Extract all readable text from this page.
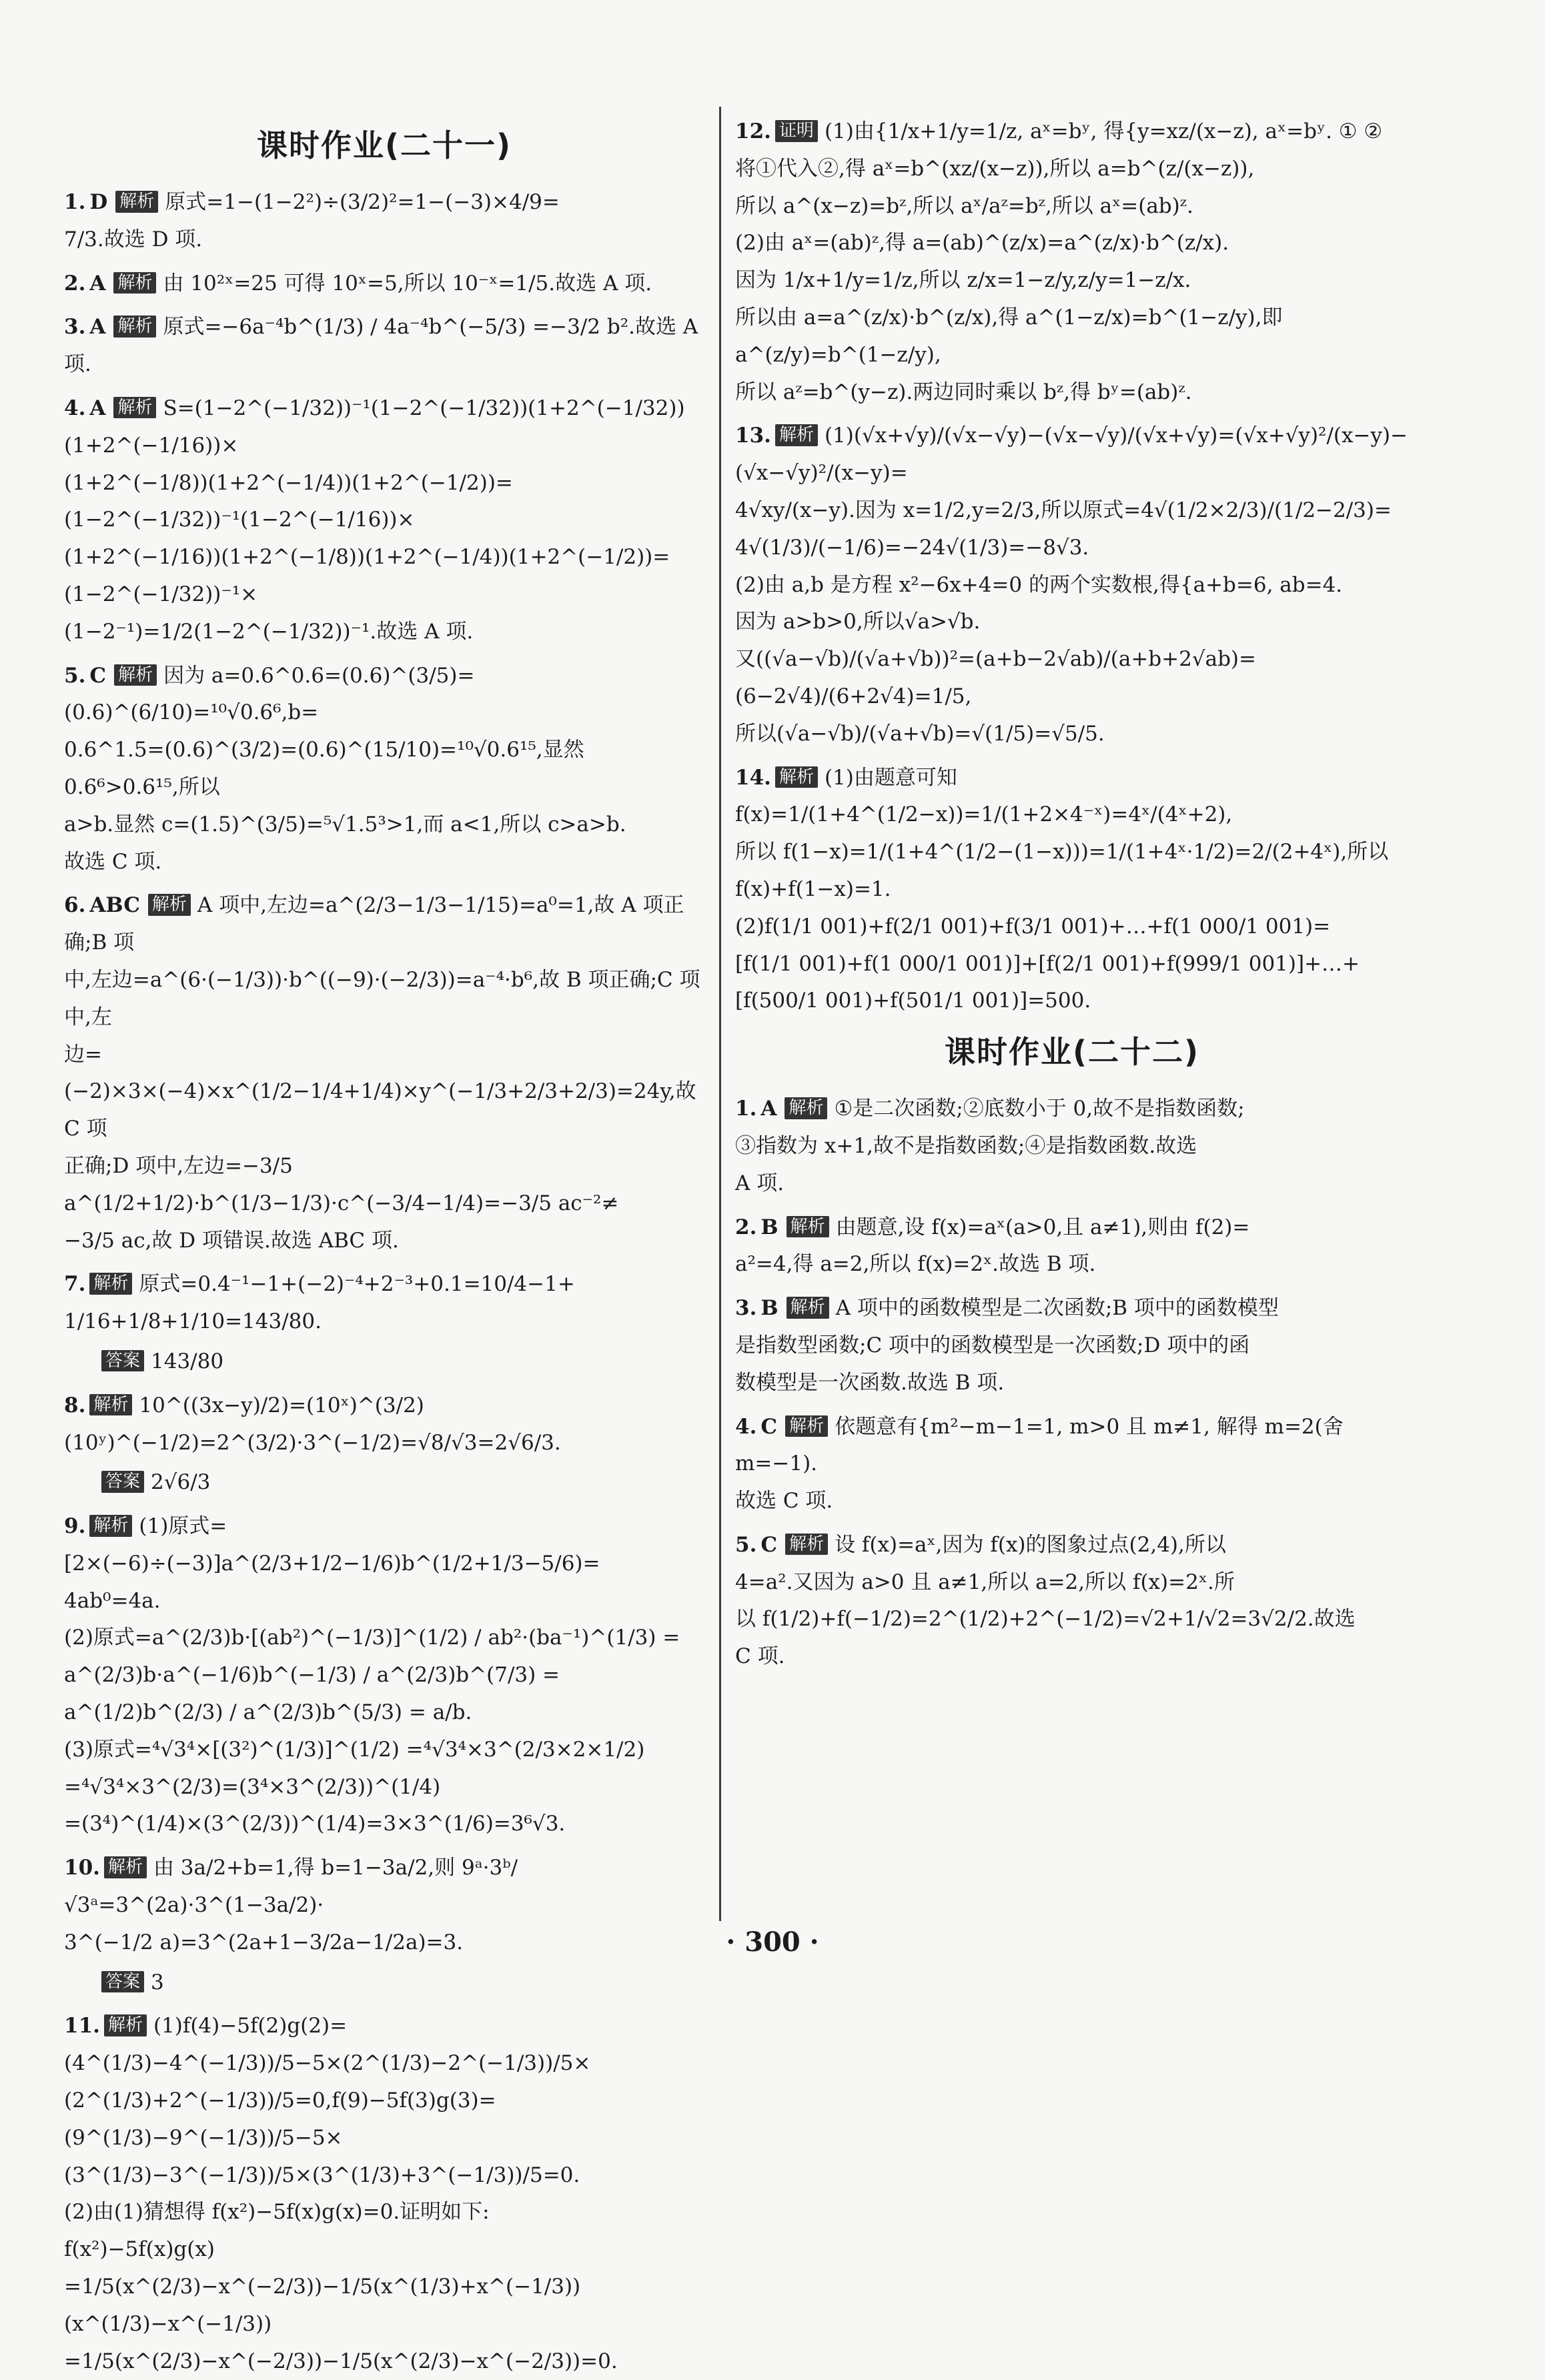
课时作业(二十一)
1. D 解析 原式=1−(1−2²)÷(3/2)²=1−(−3)×4/9=
7/3.故选 D 项.
2. A 解析 由 10²ˣ=25 可得 10ˣ=5,所以 10⁻ˣ=1/5.故选 A 项.
3. A 解析 原式=−6a⁻⁴b^(1/3) / 4a⁻⁴b^(−5/3) =−3/2 b².故选 A 项.
4. A 解析 S=(1−2^(−1/32))⁻¹(1−2^(−1/32))(1+2^(−1/32))(1+2^(−1/16))×
(1+2^(−1/8))(1+2^(−1/4))(1+2^(−1/2))=(1−2^(−1/32))⁻¹(1−2^(−1/16))×
(1+2^(−1/16))(1+2^(−1/8))(1+2^(−1/4))(1+2^(−1/2))=(1−2^(−1/32))⁻¹×
(1−2⁻¹)=1/2(1−2^(−1/32))⁻¹.故选 A 项.
5. C 解析 因为 a=0.6^0.6=(0.6)^(3/5)=(0.6)^(6/10)=¹⁰√0.6⁶,b=
0.6^1.5=(0.6)^(3/2)=(0.6)^(15/10)=¹⁰√0.6¹⁵,显然 0.6⁶>0.6¹⁵,所以
a>b.显然 c=(1.5)^(3/5)=⁵√1.5³>1,而 a<1,所以 c>a>b.
故选 C 项.
6. ABC 解析 A 项中,左边=a^(2/3−1/3−1/15)=a⁰=1,故 A 项正确;B 项
中,左边=a^(6·(−1/3))·b^((−9)·(−2/3))=a⁻⁴·b⁶,故 B 项正确;C 项中,左
边=(−2)×3×(−4)×x^(1/2−1/4+1/4)×y^(−1/3+2/3+2/3)=24y,故 C 项
正确;D 项中,左边=−3/5 a^(1/2+1/2)·b^(1/3−1/3)·c^(−3/4−1/4)=−3/5 ac⁻²≠
−3/5 ac,故 D 项错误.故选 ABC 项.
7. 解析 原式=0.4⁻¹−1+(−2)⁻⁴+2⁻³+0.1=10/4−1+
1/16+1/8+1/10=143/80.
答案 143/80
8. 解析 10^((3x−y)/2)=(10ˣ)^(3/2)(10ʸ)^(−1/2)=2^(3/2)·3^(−1/2)=√8/√3=2√6/3.
答案 2√6/3
9. 解析 (1)原式=[2×(−6)÷(−3)]a^(2/3+1/2−1/6)b^(1/2+1/3−5/6)=
4ab⁰=4a.
(2)原式=a^(2/3)b·[(ab²)^(−1/3)]^(1/2) / ab²·(ba⁻¹)^(1/3) = a^(2/3)b·a^(−1/6)b^(−1/3) / a^(2/3)b^(7/3) = a^(1/2)b^(2/3) / a^(2/3)b^(5/3) = a/b.
(3)原式=⁴√3⁴×[(3²)^(1/3)]^(1/2) =⁴√3⁴×3^(2/3×2×1/2)
=⁴√3⁴×3^(2/3)=(3⁴×3^(2/3))^(1/4)
=(3⁴)^(1/4)×(3^(2/3))^(1/4)=3×3^(1/6)=3⁶√3.
10. 解析 由 3a/2+b=1,得 b=1−3a/2,则 9ᵃ·3ᵇ/√3ᵃ=3^(2a)·3^(1−3a/2)·
3^(−1/2 a)=3^(2a+1−3/2a−1/2a)=3.
答案 3
11. 解析 (1)f(4)−5f(2)g(2)=(4^(1/3)−4^(−1/3))/5−5×(2^(1/3)−2^(−1/3))/5×
(2^(1/3)+2^(−1/3))/5=0,f(9)−5f(3)g(3)=(9^(1/3)−9^(−1/3))/5−5×
(3^(1/3)−3^(−1/3))/5×(3^(1/3)+3^(−1/3))/5=0.
(2)由(1)猜想得 f(x²)−5f(x)g(x)=0.证明如下:
f(x²)−5f(x)g(x)
=1/5(x^(2/3)−x^(−2/3))−1/5(x^(1/3)+x^(−1/3))(x^(1/3)−x^(−1/3))
=1/5(x^(2/3)−x^(−2/3))−1/5(x^(2/3)−x^(−2/3))=0.
12. 证明 (1)由{1/x+1/y=1/z, aˣ=bʸ, 得{y=xz/(x−z), aˣ=bʸ. ① ②
将①代入②,得 aˣ=b^(xz/(x−z)),所以 a=b^(z/(x−z)),
所以 a^(x−z)=bᶻ,所以 aˣ/aᶻ=bᶻ,所以 aˣ=(ab)ᶻ.
(2)由 aˣ=(ab)ᶻ,得 a=(ab)^(z/x)=a^(z/x)·b^(z/x).
因为 1/x+1/y=1/z,所以 z/x=1−z/y,z/y=1−z/x.
所以由 a=a^(z/x)·b^(z/x),得 a^(1−z/x)=b^(1−z/y),即 a^(z/y)=b^(1−z/y),
所以 aᶻ=b^(y−z).两边同时乘以 bᶻ,得 bʸ=(ab)ᶻ.
13. 解析 (1)(√x+√y)/(√x−√y)−(√x−√y)/(√x+√y)=(√x+√y)²/(x−y)−(√x−√y)²/(x−y)=
4√xy/(x−y).因为 x=1/2,y=2/3,所以原式=4√(1/2×2/3)/(1/2−2/3)=
4√(1/3)/(−1/6)=−24√(1/3)=−8√3.
(2)由 a,b 是方程 x²−6x+4=0 的两个实数根,得{a+b=6, ab=4.
因为 a>b>0,所以√a>√b.
又((√a−√b)/(√a+√b))²=(a+b−2√ab)/(a+b+2√ab)=(6−2√4)/(6+2√4)=1/5,
所以(√a−√b)/(√a+√b)=√(1/5)=√5/5.
14. 解析 (1)由题意可知 f(x)=1/(1+4^(1/2−x))=1/(1+2×4⁻ˣ)=4ˣ/(4ˣ+2),
所以 f(1−x)=1/(1+4^(1/2−(1−x)))=1/(1+4ˣ·1/2)=2/(2+4ˣ),所以
f(x)+f(1−x)=1.
(2)f(1/1 001)+f(2/1 001)+f(3/1 001)+…+f(1 000/1 001)=
[f(1/1 001)+f(1 000/1 001)]+[f(2/1 001)+f(999/1 001)]+…+
[f(500/1 001)+f(501/1 001)]=500.
课时作业(二十二)
1. A 解析 ①是二次函数;②底数小于 0,故不是指数函数;
③指数为 x+1,故不是指数函数;④是指数函数.故选
A 项.
2. B 解析 由题意,设 f(x)=aˣ(a>0,且 a≠1),则由 f(2)=
a²=4,得 a=2,所以 f(x)=2ˣ.故选 B 项.
3. B 解析 A 项中的函数模型是二次函数;B 项中的函数模型
是指数型函数;C 项中的函数模型是一次函数;D 项中的函
数模型是一次函数.故选 B 项.
4. C 解析 依题意有{m²−m−1=1, m>0 且 m≠1, 解得 m=2(舍 m=−1).
故选 C 项.
5. C 解析 设 f(x)=aˣ,因为 f(x)的图象过点(2,4),所以
4=a².又因为 a>0 且 a≠1,所以 a=2,所以 f(x)=2ˣ.所
以 f(1/2)+f(−1/2)=2^(1/2)+2^(−1/2)=√2+1/√2=3√2/2.故选
C 项.
· 300 ·
